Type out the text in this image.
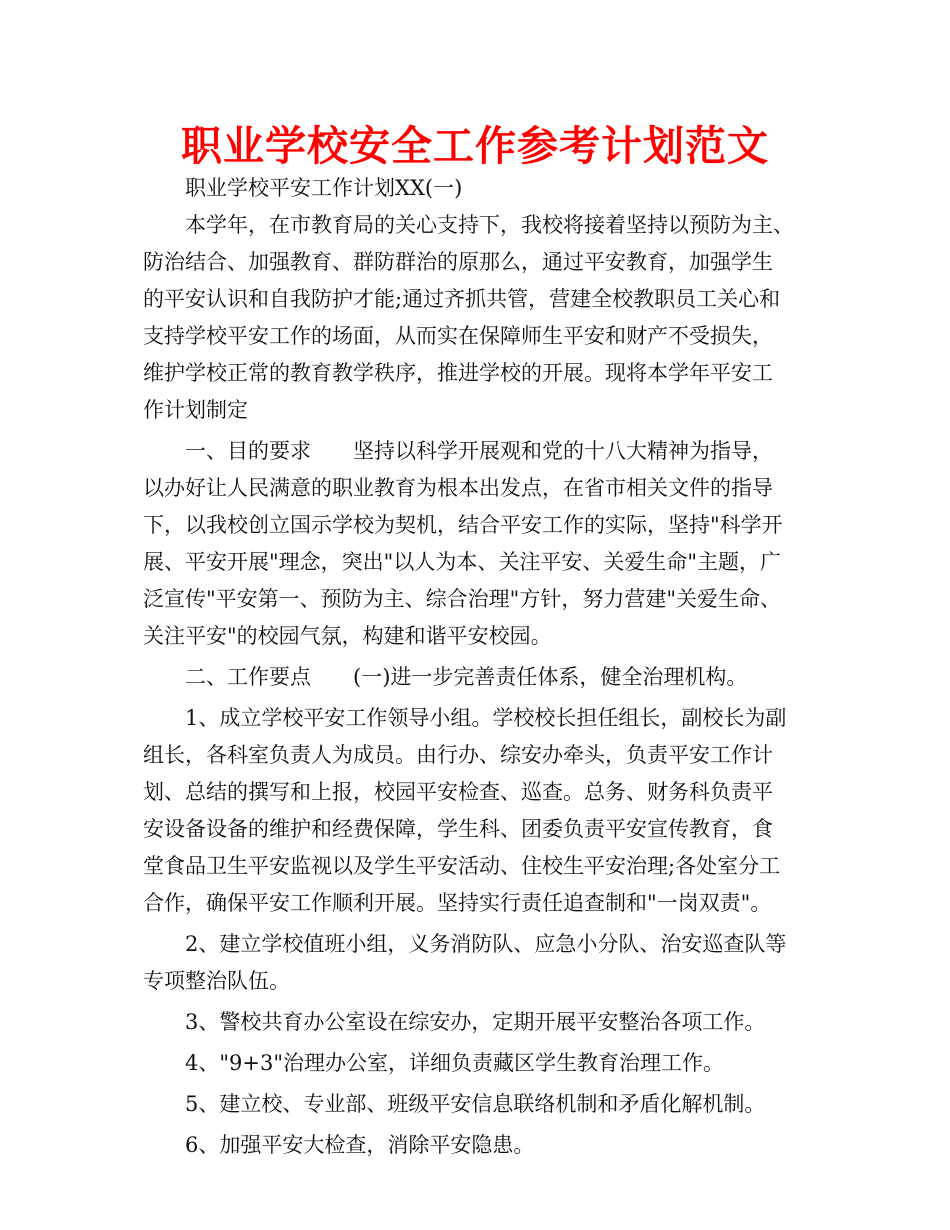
职业学校安全工作参考计划范文
职业学校平安工作计划XX(一)
本学年，在市教育局的关心支持下，我校将接着坚持以预防为主、
防治结合、加强教育、群防群治的原那么，通过平安教育，加强学生
的平安认识和自我防护才能;通过齐抓共管，营建全校教职员工关心和
支持学校平安工作的场面，从而实在保障师生平安和财产不受损失，
维护学校正常的教育教学秩序，推进学校的开展。现将本学年平安工
作计划制定
一、目的要求　　坚持以科学开展观和党的十八大精神为指导，
以办好让人民满意的职业教育为根本出发点，在省市相关文件的指导
下，以我校创立国示学校为契机，结合平安工作的实际，坚持"科学开
展、平安开展"理念，突出"以人为本、关注平安、关爱生命"主题，广
泛宣传"平安第一、预防为主、综合治理"方针，努力营建"关爱生命、
关注平安"的校园气氛，构建和谐平安校园。
二、工作要点　　(一)进一步完善责任体系，健全治理机构。
1、成立学校平安工作领导小组。学校校长担任组长，副校长为副
组长，各科室负责人为成员。由行办、综安办牵头，负责平安工作计
划、总结的撰写和上报，校园平安检查、巡查。总务、财务科负责平
安设备设备的维护和经费保障，学生科、团委负责平安宣传教育，食
堂食品卫生平安监视以及学生平安活动、住校生平安治理;各处室分工
合作，确保平安工作顺利开展。坚持实行责任追查制和"一岗双责"。
2、建立学校值班小组，义务消防队、应急小分队、治安巡查队等
专项整治队伍。
3、警校共育办公室设在综安办，定期开展平安整治各项工作。
4、"9+3"治理办公室，详细负责藏区学生教育治理工作。
5、建立校、专业部、班级平安信息联络机制和矛盾化解机制。
6、加强平安大检查，消除平安隐患。
